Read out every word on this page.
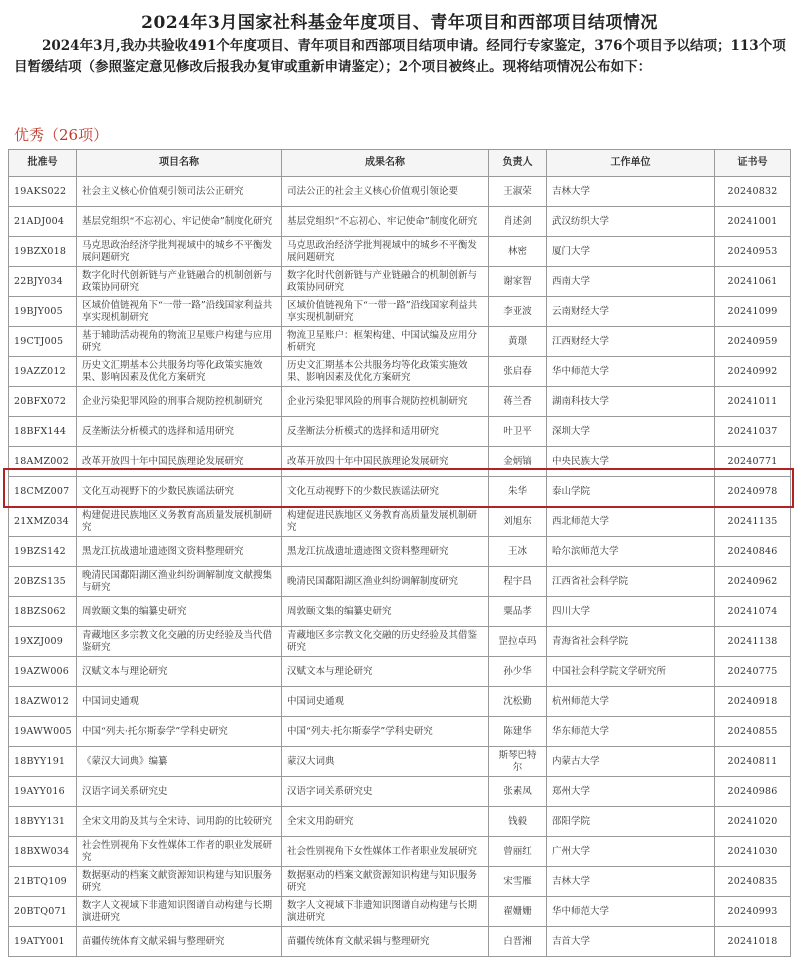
2024年3月国家社科基金年度项目、青年项目和西部项目结项情况
2024年3月,我办共验收491个年度项目、青年项目和西部项目结项申请。经同行专家鉴定，376个项目予以结项；113个项目暂缓结项（参照鉴定意见修改后报我办复审或重新申请鉴定）；2个项目被终止。现将结项情况公布如下：
优秀（26项）
批准号	项目名称	成果名称	负责人	工作单位	证书号
19AKS022	社会主义核心价值观引领司法公正研究	司法公正的社会主义核心价值观引领论要	王淑荣	吉林大学	20240832
21ADJ004	基层党组织“不忘初心、牢记使命”制度化研究	基层党组织“不忘初心、牢记使命”制度化研究	肖述剑	武汉纺织大学	20241001
19BZX018	马克思政治经济学批判视域中的城乡不平衡发展问题研究	马克思政治经济学批判视域中的城乡不平衡发展问题研究	林密	厦门大学	20240953
22BJY034	数字化时代创新链与产业链融合的机制创新与政策协同研究	数字化时代创新链与产业链融合的机制创新与政策协同研究	谢家智	西南大学	20241061
19BJY005	区域价值链视角下“一带一路”沿线国家利益共享实现机制研究	区域价值链视角下“一带一路”沿线国家利益共享实现机制研究	李亚波	云南财经大学	20241099
19CTJ005	基于辅助活动视角的物流卫星账户构建与应用研究	物流卫星账户：框架构建、中国试编及应用分析研究	黄璟	江西财经大学	20240959
19AZZ012	历史文汇期基本公共服务均等化政策实施效果、影响因素及优化方案研究	历史文汇期基本公共服务均等化政策实施效果、影响因素及优化方案研究	张启春	华中师范大学	20240992
20BFX072	企业污染犯罪风险的刑事合规防控机制研究	企业污染犯罪风险的刑事合规防控机制研究	蒋兰香	湖南科技大学	20241011
18BFX144	反垄断法分析模式的选择和适用研究	反垄断法分析模式的选择和适用研究	叶卫平	深圳大学	20241037
18AMZ002	改革开放四十年中国民族理论发展研究	改革开放四十年中国民族理论发展研究	金炳镐	中央民族大学	20240771
18CMZ007	文化互动视野下的少数民族谣法研究	文化互动视野下的少数民族谣法研究	朱华	泰山学院	20240978
21XMZ034	构建促进民族地区义务教育高质量发展机制研究	构建促进民族地区义务教育高质量发展机制研究	刘旭东	西北师范大学	20241135
19BZS142	黑龙江抗战遗址遗迹图文资料整理研究	黑龙江抗战遗址遗迹图文资料整理研究	王冰	哈尔滨师范大学	20240846
20BZS135	晚清民国鄱阳湖区渔业纠纷调解制度文献搜集与研究	晚清民国鄱阳湖区渔业纠纷调解制度研究	程宇昌	江西省社会科学院	20240962
18BZS062	周敦颐文集的编纂史研究	周敦颐文集的编纂史研究	粟品孝	四川大学	20241074
19XZJ009	青藏地区多宗教文化交融的历史经验及当代借鉴研究	青藏地区多宗教文化交融的历史经验及其借鉴研究	罡拉卓玛	青海省社会科学院	20241138
19AZW006	汉赋文本与理论研究	汉赋文本与理论研究	孙少华	中国社会科学院文学研究所	20240775
18AZW012	中国词史通观	中国词史通观	沈松勤	杭州师范大学	20240918
19AWW005	中国“列夫·托尔斯泰学”学科史研究	中国“列夫·托尔斯泰学”学科史研究	陈建华	华东师范大学	20240855
18BYY191	《蒙汉大词典》编纂	蒙汉大词典	斯琴巴特尔	内蒙古大学	20240811
19AYY016	汉语字词关系研究史	汉语字词关系研究史	张素凤	郑州大学	20240986
18BYY131	全宋文用韵及其与全宋诗、词用韵的比较研究	全宋文用韵研究	钱毅	邵阳学院	20241020
18BXW034	社会性别视角下女性媒体工作者的职业发展研究	社会性别视角下女性媒体工作者职业发展研究	曾丽红	广州大学	20241030
21BTQ109	数据驱动的档案文献资源知识构建与知识服务研究	数据驱动的档案文献资源知识构建与知识服务研究	宋雪雁	吉林大学	20240835
20BTQ071	数字人文视域下非遗知识图谱自动构建与长期演进研究	数字人文视域下非遗知识图谱自动构建与长期演进研究	翟姗姗	华中师范大学	20240993
19ATY001	苗疆传统体育文献采辑与整理研究	苗疆传统体育文献采辑与整理研究	白晋湘	吉首大学	20241018
